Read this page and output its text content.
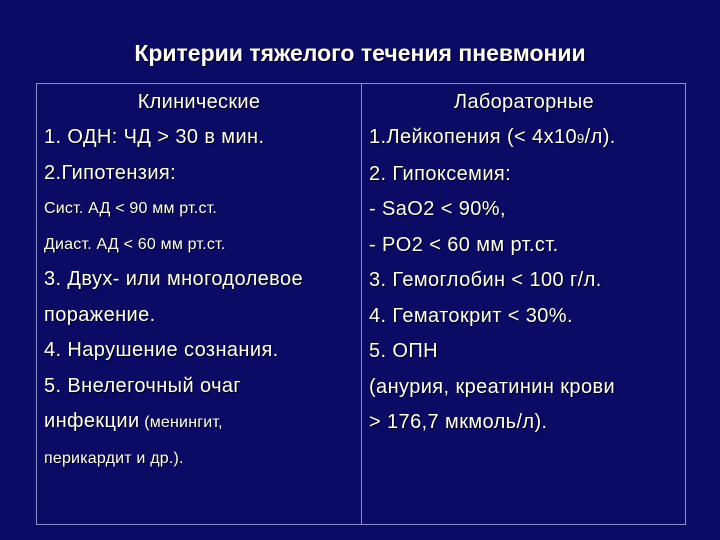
Критерии тяжелого течения пневмонии
Клинические
1. ОДН: ЧД > 30 в мин.
2.Гипотензия:
Сист. АД < 90 мм рт.ст.
Диаст. АД < 60 мм рт.ст.
3. Двух- или многодолевое
поражение.
4. Нарушение сознания.
5. Внелегочный очаг
инфекции (менингит,
перикардит и др.).
Лабораторные
1.Лейкопения (< 4х109/л).
2. Гипоксемия:
- SaO2 < 90%,
- PO2 < 60 мм рт.ст.
3. Гемоглобин < 100 г/л.
4. Гематокрит < 30%.
5. ОПН
(анурия, креатинин крови
> 176,7 мкмоль/л).
